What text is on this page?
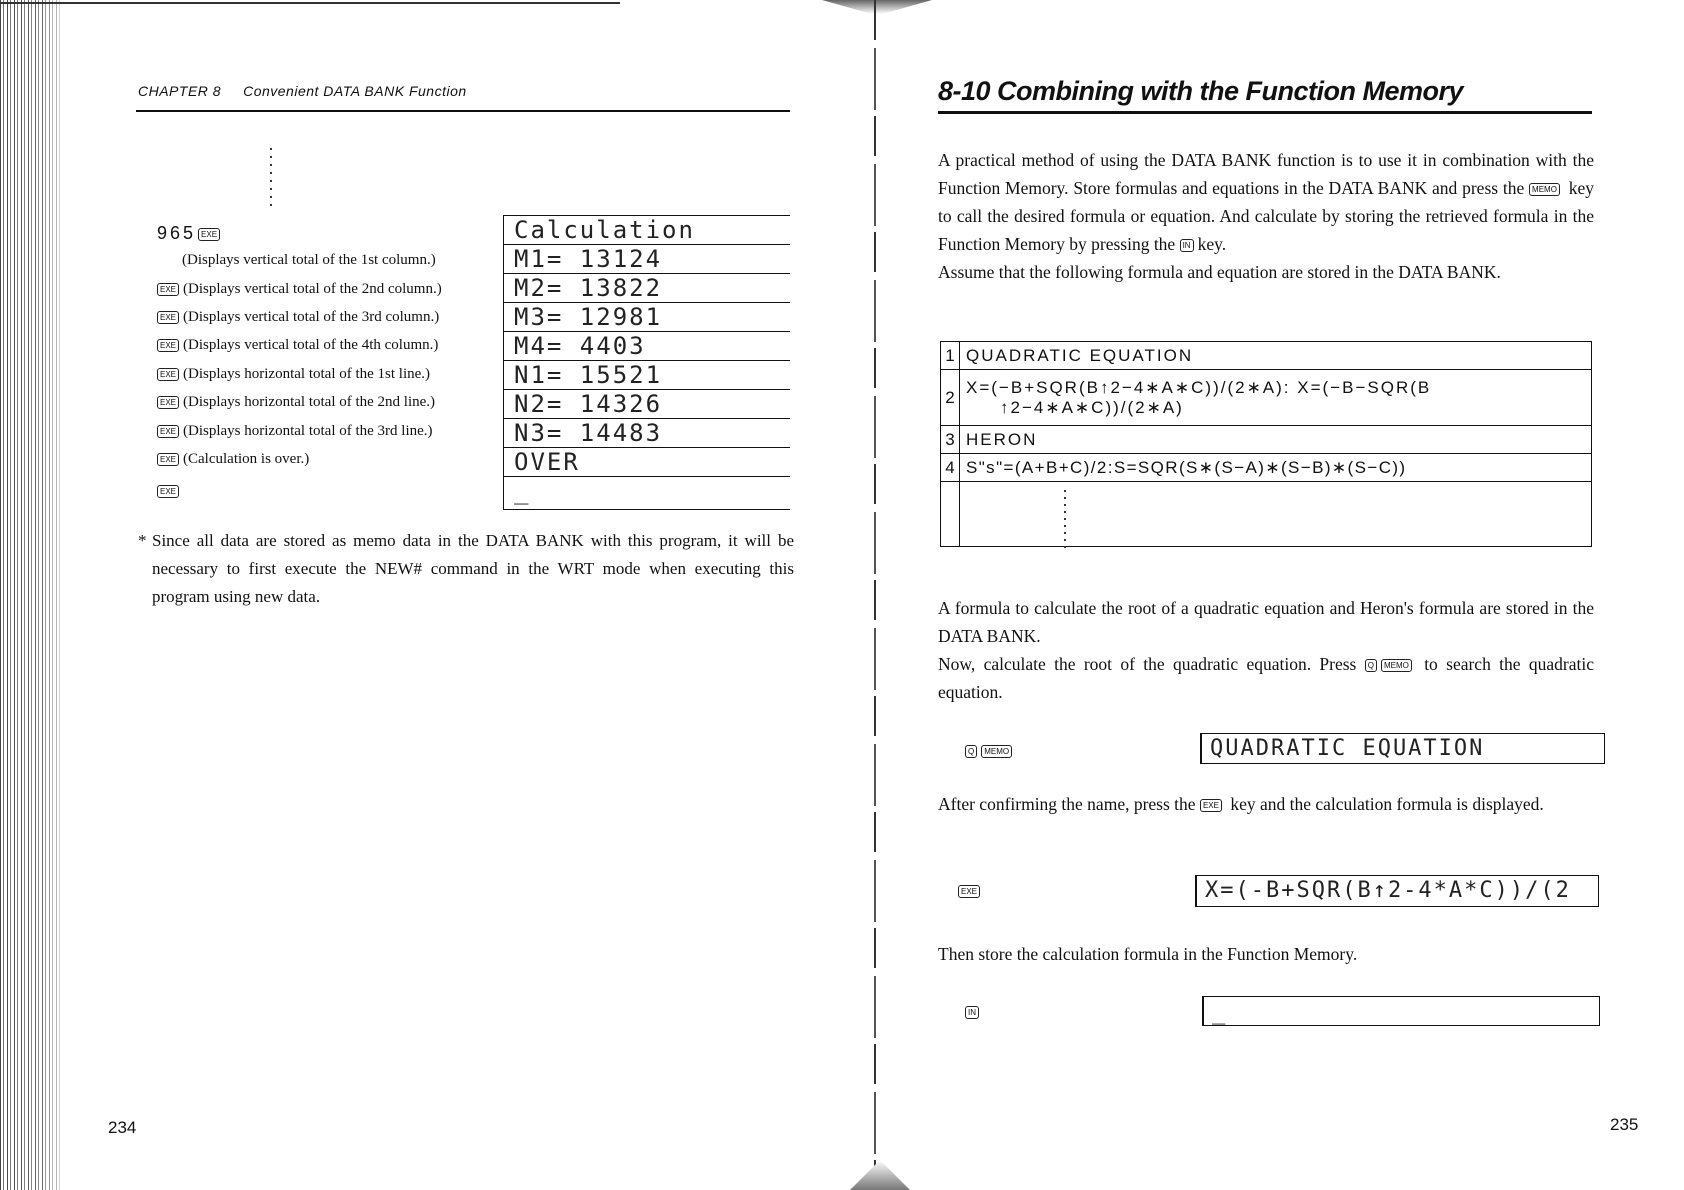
CHAPTER 8 Convenient DATA BANK Function
965 EXE
(Displays vertical total of the 1st column.)
EXE (Displays vertical total of the 2nd column.)
EXE (Displays vertical total of the 3rd column.)
EXE (Displays vertical total of the 4th column.)
EXE (Displays horizontal total of the 1st line.)
EXE (Displays horizontal total of the 2nd line.)
EXE (Displays horizontal total of the 3rd line.)
EXE (Calculation is over.)
EXE
Calculation
M1= 13124
M2= 13822
M3= 12981
M4= 4403
N1= 15521
N2= 14326
N3= 14483
OVER
_
* Since all data are stored as memo data in the DATA BANK with this program, it will be necessary to first execute the NEW# command in the WRT mode when executing this program using new data.

234
8-10 Combining with the Function Memory

A practical method of using the DATA BANK function is to use it in combination with the Function Memory. Store formulas and equations in the DATA BANK and press the MEMO key to call the desired formula or equation. And calculate by storing the retrieved formula in the Function Memory by pressing the IN key.

Assume that the following formula and equation are stored in the DATA BANK.

1	QUADRATIC EQUATION
2	X=(−B+SQR(B↑2−4∗A∗C))/(2∗A): X=(−B−SQR(B
↑2−4∗A∗C))/(2∗A)

3	HERON
4	S"s"=(A+B+C)/2:S=SQR(S∗(S−A)∗(S−B)∗(S−C))

A formula to calculate the root of a quadratic equation and Heron's formula are stored in the DATA BANK.

Now, calculate the root of the quadratic equation. Press Q MEMO to search the quadratic equation.

Q MEMO	QUADRATIC EQUATION

After confirming the name, press the EXE key and the calculation formula is displayed.

EXE	X=(-B+SQR(B↑2-4*A*C))/(2

Then store the calculation formula in the Function Memory.

IN	_
235
